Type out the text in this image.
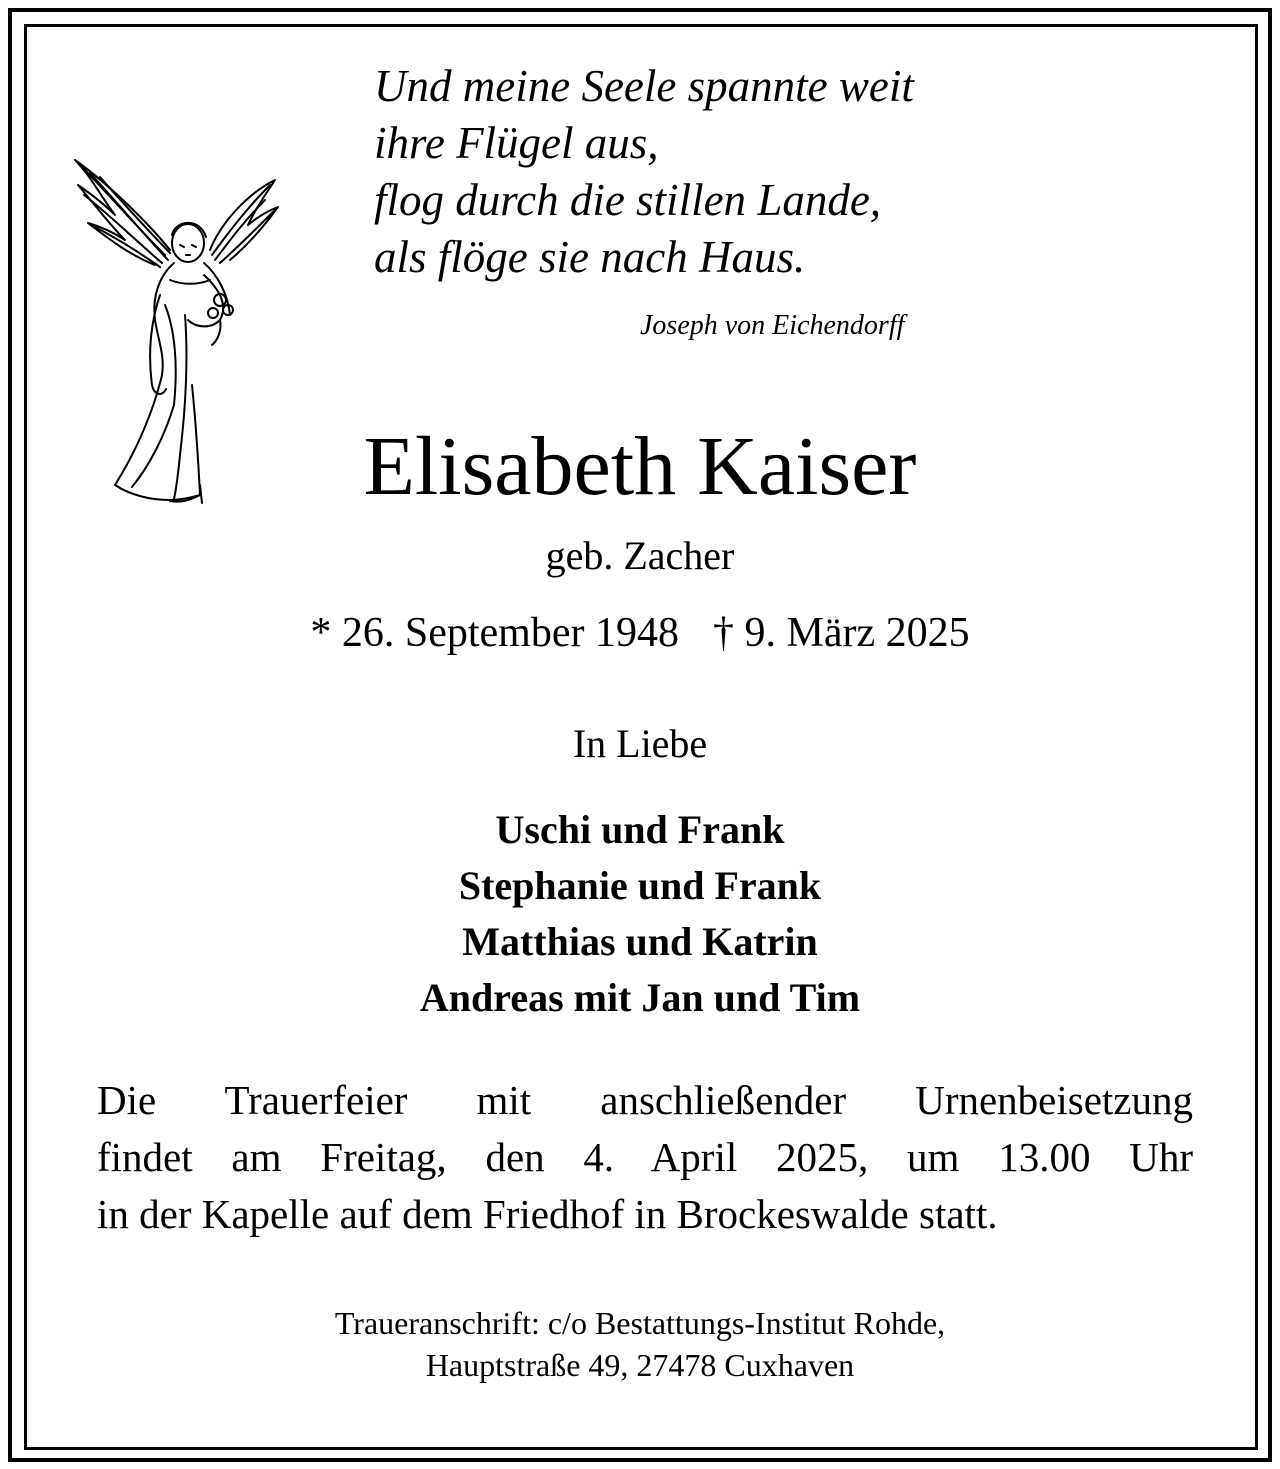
Und meine Seele spannte weit
ihre Flügel aus,
flog durch die stillen Lande,
als flöge sie nach Haus.
Joseph von Eichendorff
Elisabeth Kaiser
geb. Zacher
* 26. September 1948 † 9. März 2025
In Liebe
Uschi und Frank
Stephanie und Frank
Matthias und Katrin
Andreas mit Jan und Tim
Die Trauerfeier mit anschließender Urnenbeisetzung
findet am Freitag, den 4. April 2025, um 13.00 Uhr
in der Kapelle auf dem Friedhof in Brockeswalde statt.
Traueranschrift: c/o Bestattungs-Institut Rohde,
Hauptstraße 49, 27478 Cuxhaven
